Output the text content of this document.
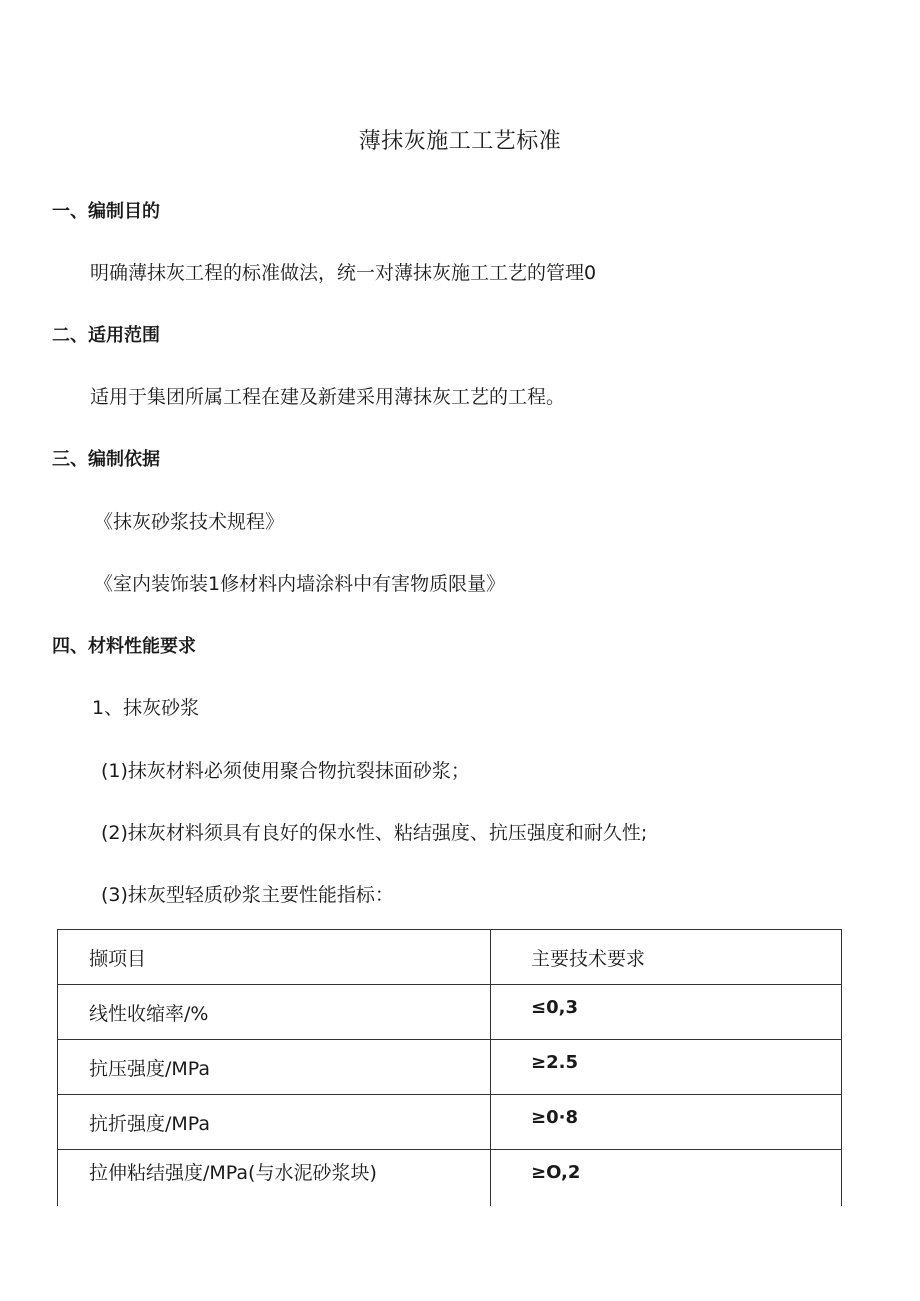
薄抹灰施工工艺标准
一、编制目的
明确薄抹灰工程的标准做法，统一对薄抹灰施工工艺的管理0
二、适用范围
适用于集团所属工程在建及新建采用薄抹灰工艺的工程。
三、编制依据
《抹灰砂浆技术规程》
《室内装饰装1修材料内墙涂料中有害物质限量》
四、材料性能要求
1、抹灰砂浆
(1)抹灰材料必须使用聚合物抗裂抹面砂浆；
(2)抹灰材料须具有良好的保水性、粘结强度、抗压强度和耐久性;
(3)抹灰型轻质砂浆主要性能指标：
撷项目	主要技术要求
线性收缩率/%	≤0,3
抗压强度/MPa	≥2.5
抗折强度/MPa	≥0·8
拉伸粘结强度/MPa(与水泥砂浆块)	≥O,2
